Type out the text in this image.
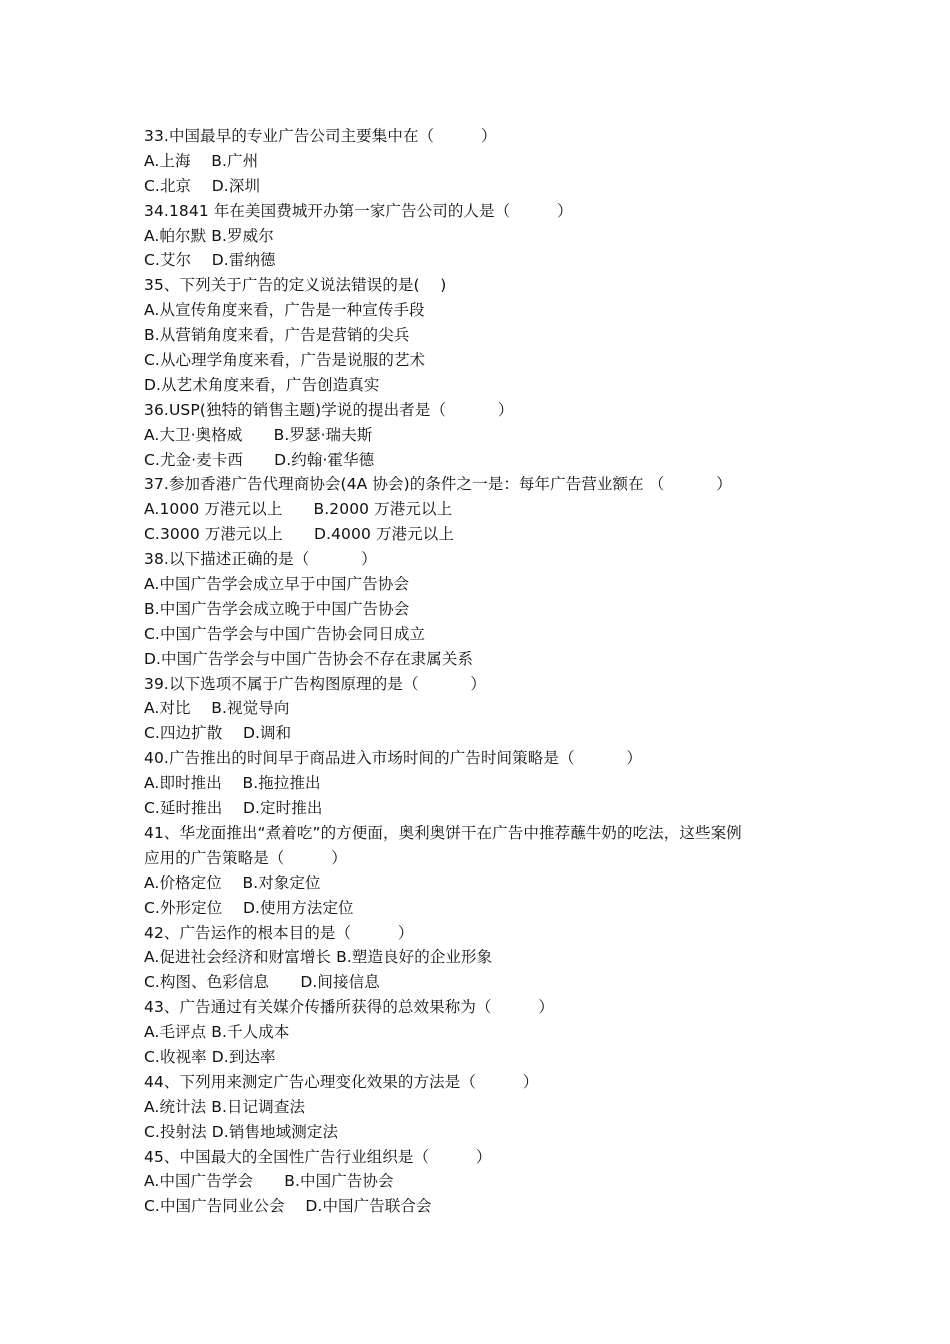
33.中国最早的专业广告公司主要集中在（　　　）
A.上海　 B.广州
C.北京　 D.深圳
34.1841 年在美国费城开办第一家广告公司的人是（　　　）
A.帕尔默 B.罗威尔
C.艾尔　 D.雷纳德
35、下列关于广告的定义说法错误的是(　 )
A.从宣传角度来看，广告是一种宣传手段
B.从营销角度来看，广告是营销的尖兵
C.从心理学角度来看，广告是说服的艺术
D.从艺术角度来看，广告创造真实
36.USP(独特的销售主题)学说的提出者是（　　　 ）
A.大卫·奥格威　　B.罗瑟·瑞夫斯
C.尤金·麦卡西　　D.约翰·霍华德
37.参加香港广告代理商协会(4A 协会)的条件之一是：每年广告营业额在 （　　　 ）
A.1000 万港元以上　　B.2000 万港元以上
C.3000 万港元以上　　D.4000 万港元以上
38.以下描述正确的是（　　　 ）
A.中国广告学会成立早于中国广告协会
B.中国广告学会成立晚于中国广告协会
C.中国广告学会与中国广告协会同日成立
D.中国广告学会与中国广告协会不存在隶属关系
39.以下选项不属于广告构图原理的是（　　　 ）
A.对比　 B.视觉导向
C.四边扩散　 D.调和
40.广告推出的时间早于商品进入市场时间的广告时间策略是（　　　 ）
A.即时推出　 B.拖拉推出
C.延时推出　 D.定时推出
41、华龙面推出“煮着吃”的方便面，奥利奥饼干在广告中推荐蘸牛奶的吃法，这些案例
应用的广告策略是（　　　）
A.价格定位　 B.对象定位
C.外形定位　 D.使用方法定位
42、广告运作的根本目的是（　　　）
A.促进社会经济和财富增长 B.塑造良好的企业形象
C.构图、色彩信息　　D.间接信息
43、广告通过有关媒介传播所获得的总效果称为（　　　）
A.毛评点 B.千人成本
C.收视率 D.到达率
44、下列用来测定广告心理变化效果的方法是（　　　）
A.统计法 B.日记调查法
C.投射法 D.销售地域测定法
45、中国最大的全国性广告行业组织是（　　　）
A.中国广告学会　　B.中国广告协会
C.中国广告同业公会　 D.中国广告联合会
